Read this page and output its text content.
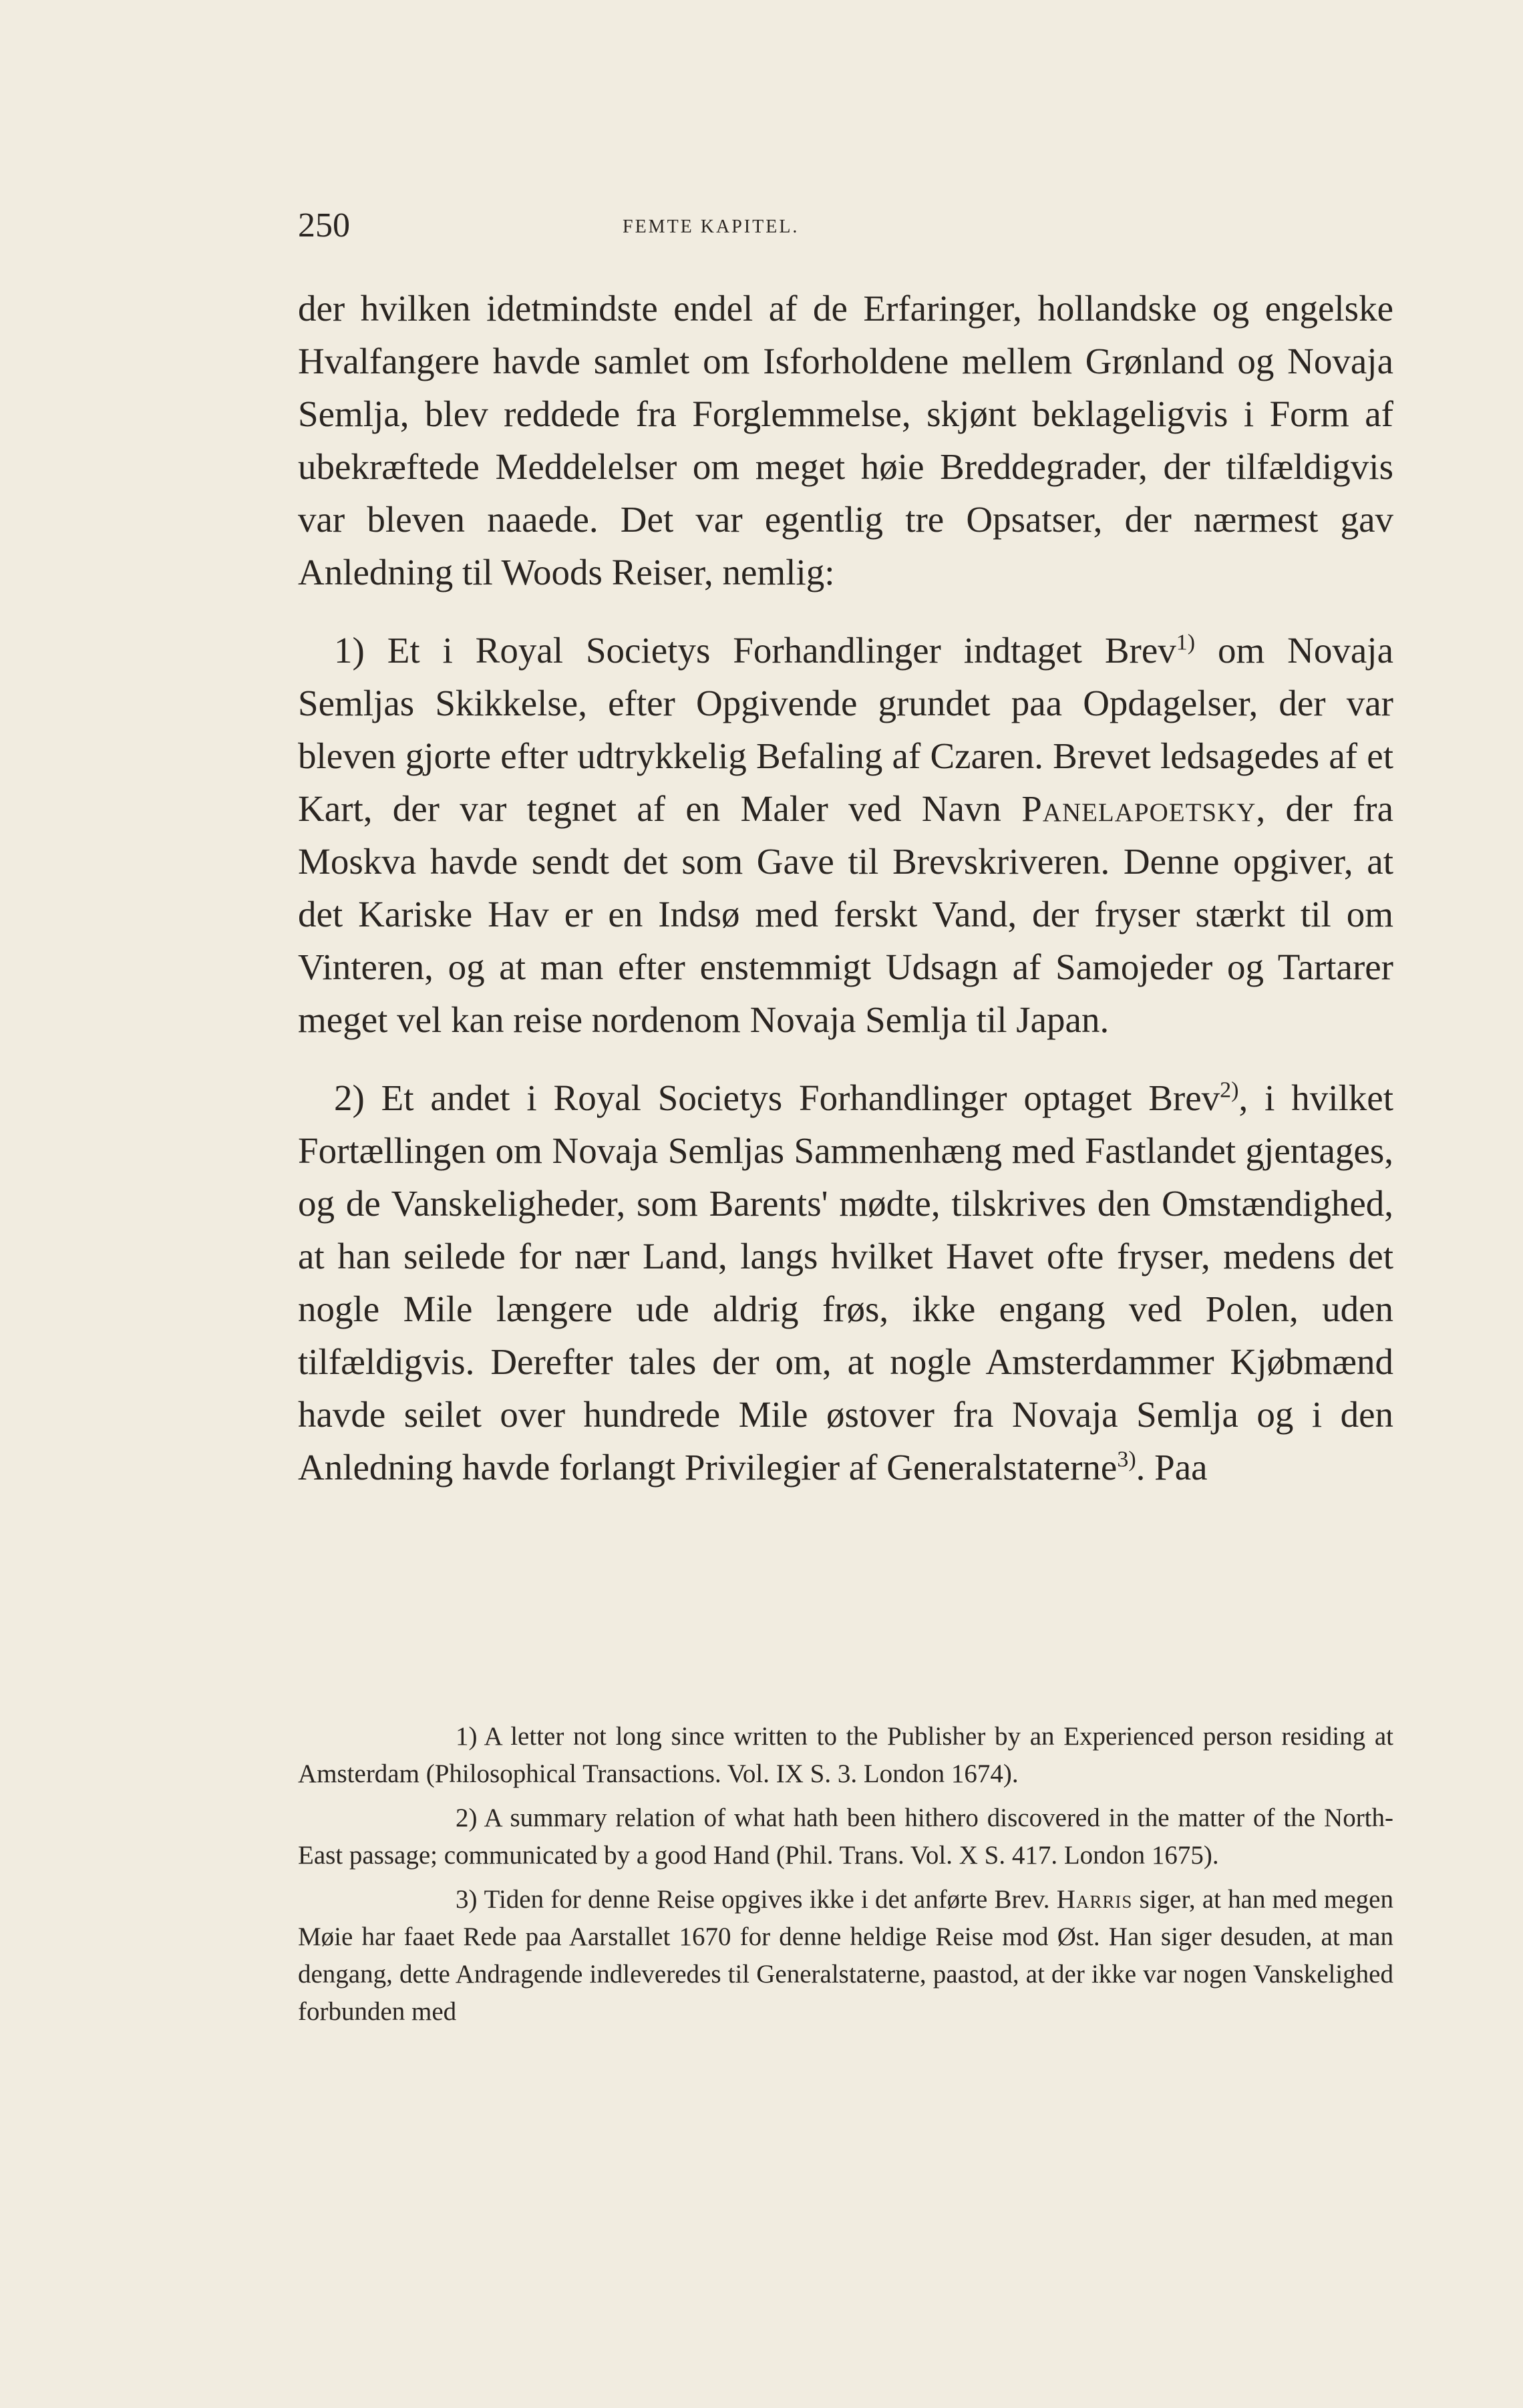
250	FEMTE KAPITEL.

der hvilken idetmindste endel af de Erfaringer, hollandske og engelske Hvalfangere havde samlet om Isforholdene mellem Grønland og Novaja Semlja, blev reddede fra Forglemmelse, skjønt beklageligvis i Form af ubekræftede Meddelelser om meget høie Breddegrader, der tilfældigvis var bleven naaede. Det var egentlig tre Opsatser, der nærmest gav Anledning til Woods Reiser, nemlig:

1) Et i Royal Societys Forhandlinger indtaget Brev$^{1)}$ om Novaja Semljas Skikkelse, efter Opgivende grundet paa Opdagelser, der var bleven gjorte efter udtrykkelig Befaling af Czaren. Brevet ledsagedes af et Kart, der var tegnet af en Maler ved Navn Panelapoetsky, der fra Moskva havde sendt det som Gave til Brevskriveren. Denne opgiver, at det Kariske Hav er en Indsø med ferskt Vand, der fryser stærkt til om Vinteren, og at man efter enstemmigt Udsagn af Samojeder og Tartarer meget vel kan reise nordenom Novaja Semlja til Japan.

2) Et andet i Royal Societys Forhandlinger optaget Brev$^{2)}$, i hvilket Fortællingen om Novaja Semljas Sammenhæng med Fastlandet gjentages, og de Vanskeligheder, som Barents' mødte, tilskrives den Omstændighed, at han seilede for nær Land, langs hvilket Havet ofte fryser, medens det nogle Mile længere ude aldrig frøs, ikke engang ved Polen, uden tilfældigvis. Derefter tales der om, at nogle Amsterdammer Kjøbmænd havde seilet over hundrede Mile østover fra Novaja Semlja og i den Anledning havde forlangt Privilegier af Generalstaterne$^{3)}$. Paa

1) A letter not long since written to the Publisher by an Experienced person residing at Amsterdam (Philosophical Transactions. Vol. IX S. 3. London 1674).

2) A summary relation of what hath been hithero discovered in the matter of the North-East passage; communicated by a good Hand (Phil. Trans. Vol. X S. 417. London 1675).

3) Tiden for denne Reise opgives ikke i det anførte Brev. Harris siger, at han med megen Møie har faaet Rede paa Aarstallet 1670 for denne heldige Reise mod Øst. Han siger desuden, at man dengang, dette Andragende indleveredes til Generalstaterne, paastod, at der ikke var nogen Vanskelighed forbunden med
